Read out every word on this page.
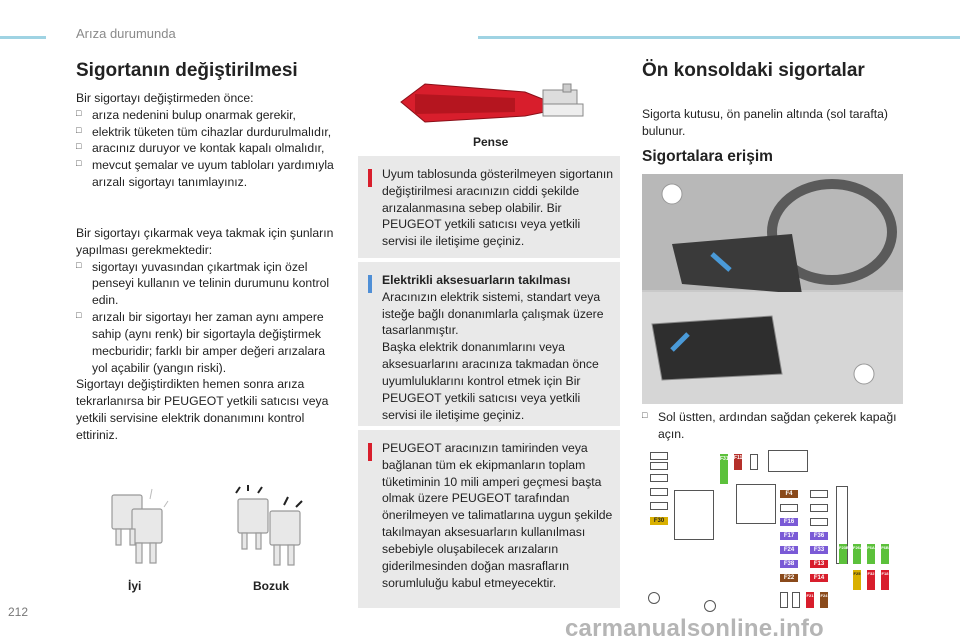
Arıza durumunda
Sigortanın değiştirilmesi

Bir sigortayı değiştirmeden önce:

□ arıza nedenini bulup onarmak gerekir,

□ elektrik tüketen tüm cihazlar durdurulmalıdır,

□ aracınız duruyor ve kontak kapalı olmalıdır,

□ mevcut şemalar ve uyum tabloları yardımıyla arızalı sigortayı tanımlayınız.

Bir sigortayı çıkarmak veya takmak için şunların yapılması gerekmektedir:

□ sigortayı yuvasından çıkartmak için özel penseyi kullanın ve telinin durumunu kontrol edin.

□ arızalı bir sigortayı her zaman aynı ampere sahip (aynı renk) bir sigortayla değiştirmek mecburidir; farklı bir amper değeri arızalara yol açabilir (yangın riski).

Sigortayı değiştirdikten hemen sonra arıza tekrarlanırsa bir PEUGEOT yetkili satıcısı veya yetkili servisine elektrik donanımını kontrol ettiriniz.

İyi	Bozuk
Pense
Uyum tablosunda gösterilmeyen sigortanın değiştirilmesi aracınızın ciddi şekilde arızalanmasına sebep olabilir. Bir PEUGEOT yetkili satıcısı veya yetkili servisi ile iletişime geçiniz.
Elektrikli aksesuarların takılması
Aracınızın elektrik sistemi, standart veya isteğe bağlı donanımlarla çalışmak üzere tasarlanmıştır.
Başka elektrik donanımlarını veya aksesuarlarını aracınıza takmadan önce uyumluluklarını kontrol etmek için Bir PEUGEOT yetkili satıcısı veya yetkili servisi ile iletişime geçiniz.
PEUGEOT aracınızın tamirinden veya bağlanan tüm ek ekipmanların toplam tüketiminin 10 mili amperi geçmesi başta olmak üzere PEUGEOT tarafından önerilmeyen ve talimatlarına uygun şekilde takılmayan aksesuarların kullanılması sebebiyle oluşabilecek arızaların giderilmesinden doğan masrafların sorumluluğu kabul etmeyecektir.
Ön konsoldaki sigortalar
Sigorta kutusu, ön panelin altında (sol tarafta) bulunur.
Sigortalara erişim
□ Sol üstten, ardından sağdan çekerek kapağı açın.
F30
F31 F11
F4
F16
F17
F24
F38
F22
F36
F33
F13
F14
F23B F26A F6A F6B
F25 F32 F18
F21 F24
212
carmanualsonline.info
